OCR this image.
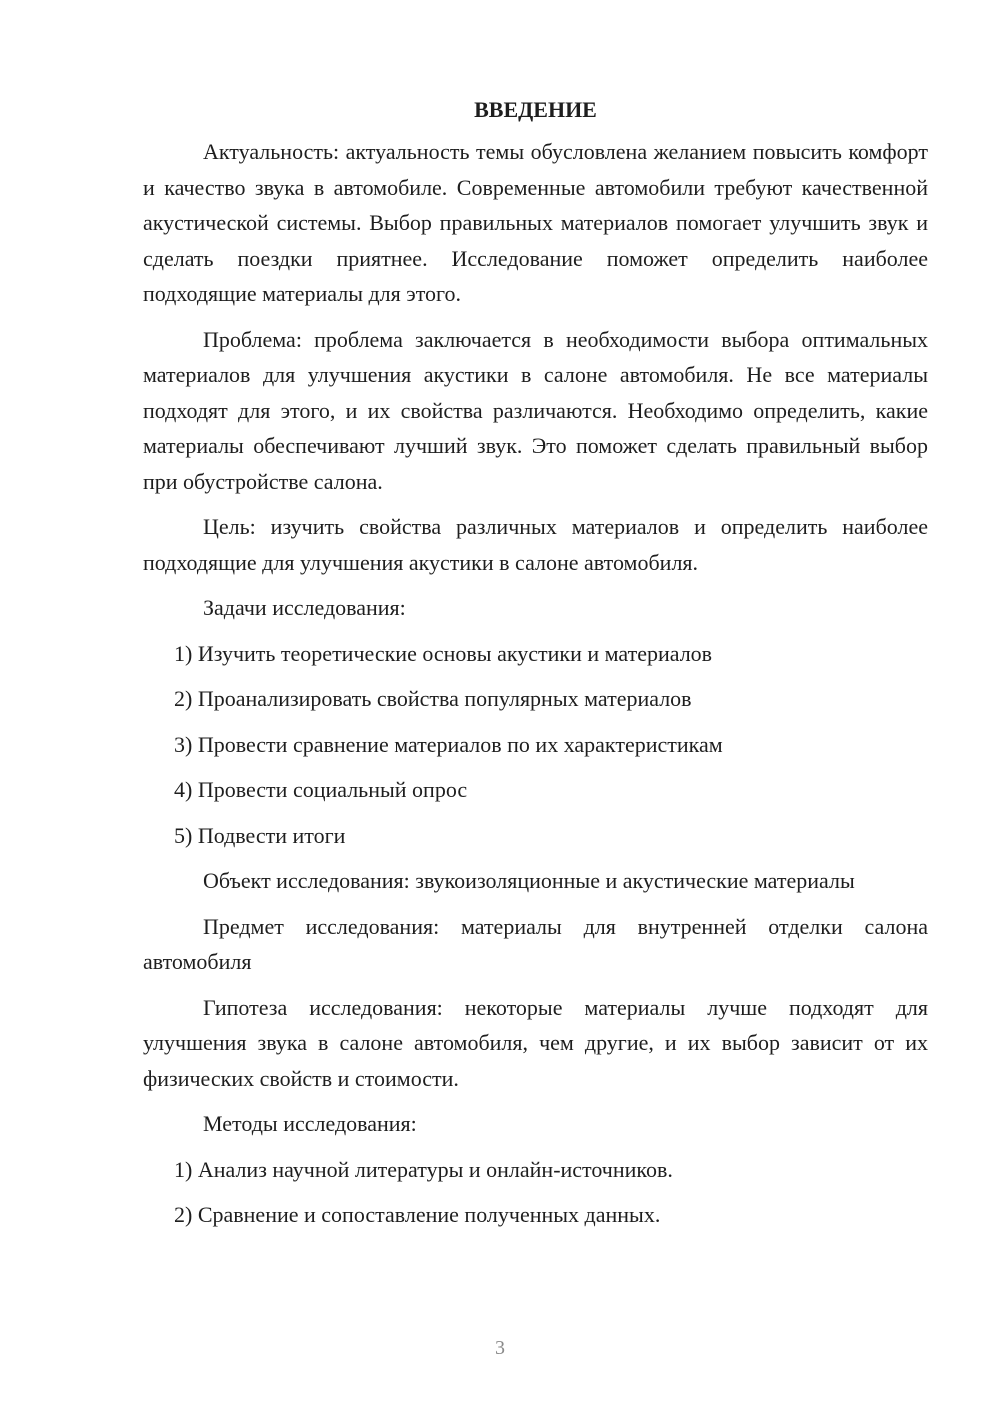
ВВЕДЕНИЕ

Актуальность: актуальность темы обусловлена желанием повысить комфорт и качество звука в автомобиле. Современные автомобили требуют качественной акустической системы. Выбор правильных материалов помогает улучшить звук и сделать поездки приятнее. Исследование поможет определить наиболее подходящие материалы для этого.

Проблема: проблема заключается в необходимости выбора оптимальных материалов для улучшения акустики в салоне автомобиля. Не все материалы подходят для этого, и их свойства различаются. Необходимо определить, какие материалы обеспечивают лучший звук. Это поможет сделать правильный выбор при обустройстве салона.

Цель: изучить свойства различных материалов и определить наиболее подходящие для улучшения акустики в салоне автомобиля.

Задачи исследования:

1) Изучить теоретические основы акустики и материалов
2) Проанализировать свойства популярных материалов
3) Провести сравнение материалов по их характеристикам
4) Провести социальный опрос
5) Подвести итоги

Объект исследования: звукоизоляционные и акустические материалы

Предмет исследования: материалы для внутренней отделки салона автомобиля

Гипотеза исследования: некоторые материалы лучше подходят для улучшения звука в салоне автомобиля, чем другие, и их выбор зависит от их физических свойств и стоимости.

Методы исследования:

1) Анализ научной литературы и онлайн-источников.
2) Сравнение и сопоставление полученных данных.
3
